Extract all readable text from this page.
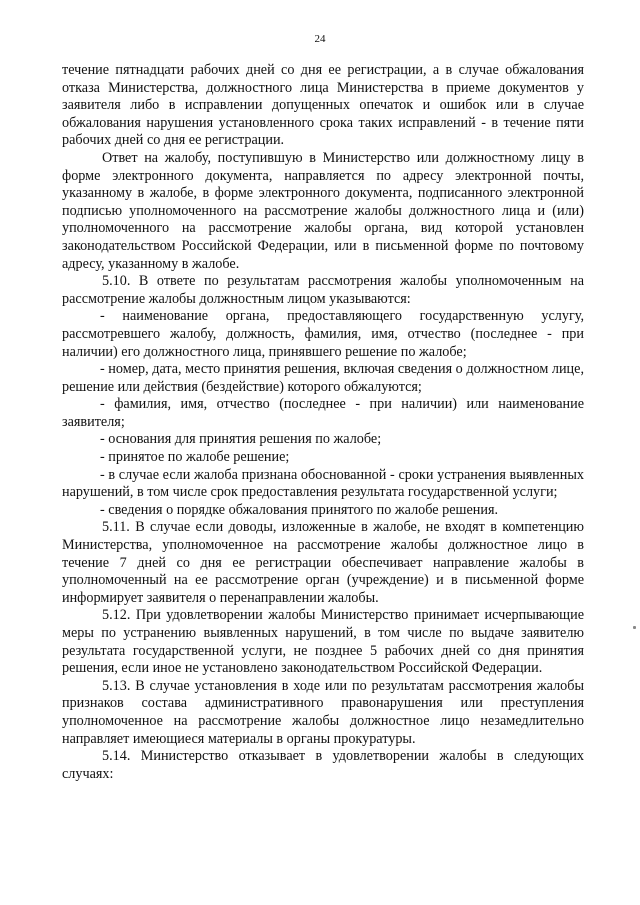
24

течение пятнадцати рабочих дней со дня ее регистрации, а в случае обжалования отказа Министерства, должностного лица Министерства в приеме документов у заявителя либо в исправлении допущенных опечаток и ошибок или в случае обжалования нарушения установленного срока таких исправлений - в течение пяти рабочих дней со дня ее регистрации.

Ответ на жалобу, поступившую в Министерство или должностному лицу в форме электронного документа, направляется по адресу электронной почты, указанному в жалобе, в форме электронного документа, подписанного электронной подписью уполномоченного на рассмотрение жалобы должностного лица и (или) уполномоченного на рассмотрение жалобы органа, вид которой установлен законодательством Российской Федерации, или в письменной форме по почтовому адресу, указанному в жалобе.

5.10. В ответе по результатам рассмотрения жалобы уполномоченным на рассмотрение жалобы должностным лицом указываются:

- наименование органа, предоставляющего государственную услугу, рассмотревшего жалобу, должность, фамилия, имя, отчество (последнее - при наличии) его должностного лица, принявшего решение по жалобе;

- номер, дата, место принятия решения, включая сведения о должностном лице, решение или действия (бездействие) которого обжалуются;

- фамилия, имя, отчество (последнее - при наличии) или наименование заявителя;

- основания для принятия решения по жалобе;

- принятое по жалобе решение;

- в случае если жалоба признана обоснованной - сроки устранения выявленных нарушений, в том числе срок предоставления результата государственной услуги;

- сведения о порядке обжалования принятого по жалобе решения.

5.11. В случае если доводы, изложенные в жалобе, не входят в компетенцию Министерства, уполномоченное на рассмотрение жалобы должностное лицо в течение 7 дней со дня ее регистрации обеспечивает направление жалобы в уполномоченный на ее рассмотрение орган (учреждение) и в письменной форме информирует заявителя о перенаправлении жалобы.

5.12. При удовлетворении жалобы Министерство принимает исчерпывающие меры по устранению выявленных нарушений, в том числе по выдаче заявителю результата государственной услуги, не позднее 5 рабочих дней со дня принятия решения, если иное не установлено законодательством Российской Федерации.

5.13. В случае установления в ходе или по результатам рассмотрения жалобы признаков состава административного правонарушения или преступления уполномоченное на рассмотрение жалобы должностное лицо незамедлительно направляет имеющиеся материалы в органы прокуратуры.

5.14. Министерство отказывает в удовлетворении жалобы в следующих случаях:
